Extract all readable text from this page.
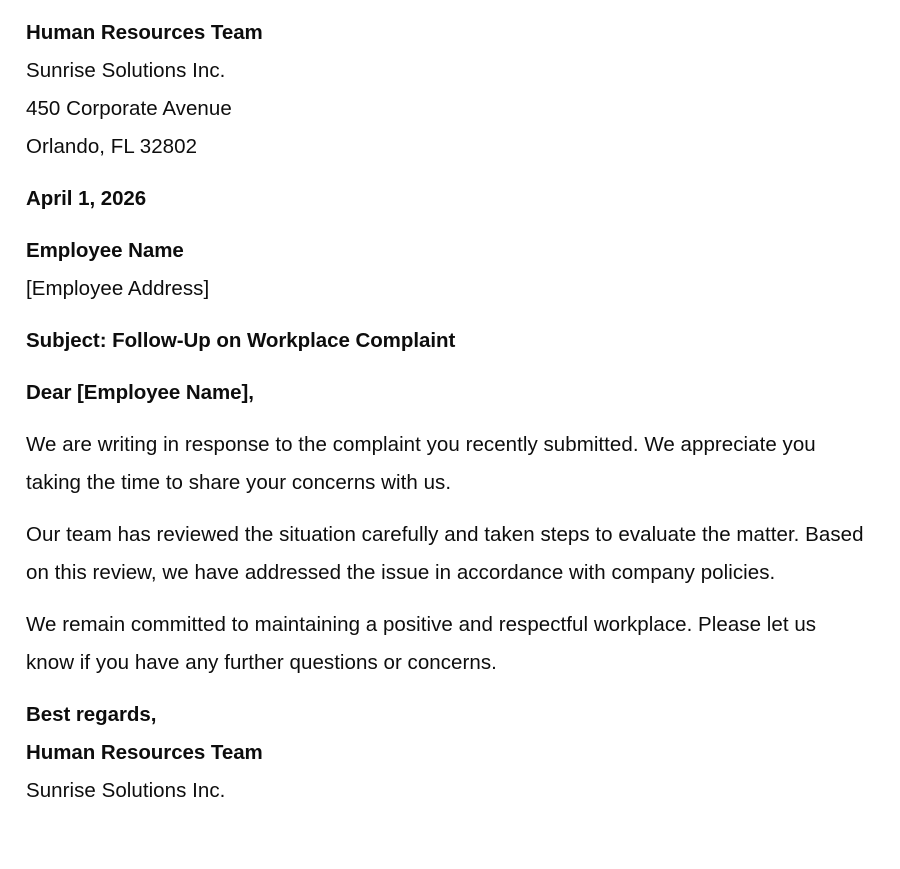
Human Resources Team
Sunrise Solutions Inc.
450 Corporate Avenue
Orlando, FL 32802
April 1, 2026
Employee Name
[Employee Address]
Subject: Follow-Up on Workplace Complaint
Dear [Employee Name],

We are writing in response to the complaint you recently submitted. We appreciate you taking the time to share your concerns with us.

Our team has reviewed the situation carefully and taken steps to evaluate the matter. Based on this review, we have addressed the issue in accordance with company policies.

We remain committed to maintaining a positive and respectful workplace. Please let us know if you have any further questions or concerns.

Best regards,
Human Resources Team
Sunrise Solutions Inc.
